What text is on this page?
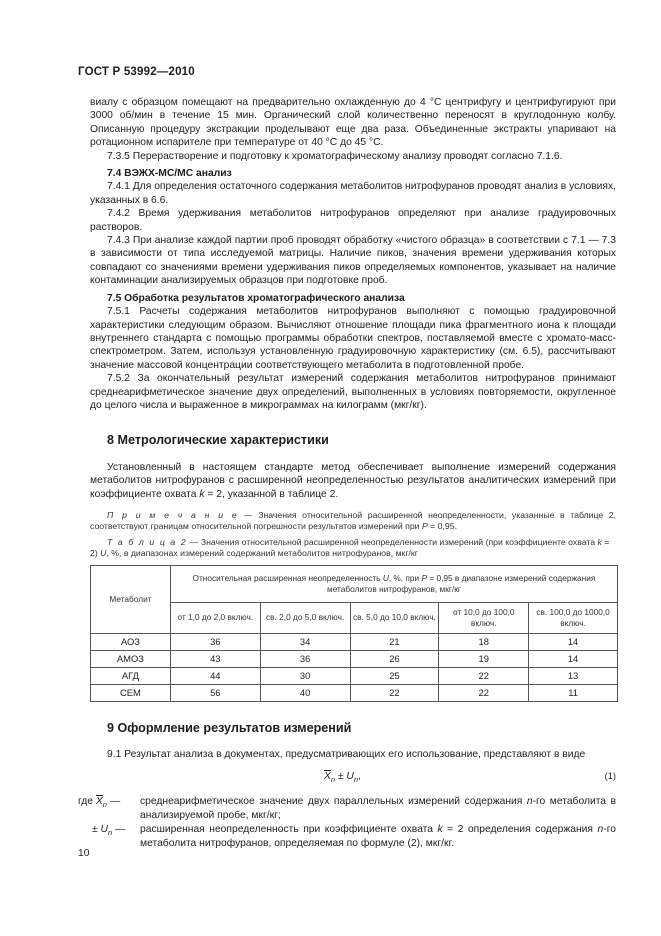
ГОСТ Р 53992—2010

виалу с образцом помещают на предварительно охлажденную до 4 °С центрифугу и центрифугируют при 3000 об/мин в течение 15 мин. Органический слой количественно переносят в круглодонную колбу. Описанную процедуру экстракции проделывают еще два раза. Объединенные экстракты упаривают на ротационном испарителе при температуре от 40 °С до 45 °С.

7.3.5 Перерастворение и подготовку к хроматографическому анализу проводят согласно 7.1.6.

7.4 ВЭЖХ-МС/МС анализ

7.4.1 Для определения остаточного содержания метаболитов нитрофуранов проводят анализ в условиях, указанных в 6.6.

7.4.2 Время удерживания метаболитов нитрофуранов определяют при анализе градуировочных растворов.

7.4.3 При анализе каждой партии проб проводят обработку «чистого образца» в соответствии с 7.1 — 7.3 в зависимости от типа исследуемой матрицы. Наличие пиков, значения времени удерживания которых совпадают со значениями времени удерживания пиков определяемых компонентов, указывает на наличие контаминации анализируемых образцов при подготовке проб.

7.5 Обработка результатов хроматографического анализа

7.5.1 Расчеты содержания метаболитов нитрофуранов выполняют с помощью градуировочной характеристики следующим образом. Вычисляют отношение площади пика фрагментного иона к площади внутреннего стандарта с помощью программы обработки спектров, поставляемой вместе с хромато-масс-спектрометром. Затем, используя установленную градуировочную характеристику (см. 6.5), рассчитывают значение массовой концентрации соответствующего метаболита в подготовленной пробе.

7.5.2 За окончательный результат измерений содержания метаболитов нитрофуранов принимают среднеарифметическое значение двух определений, выполненных в условиях повторяемости, округленное до целого числа и выраженное в микрограммах на килограмм (мкг/кг).

8 Метрологические характеристики

Установленный в настоящем стандарте метод обеспечивает выполнение измерений содержания метаболитов нитрофуранов с расширенной неопределенностью результатов аналитических измерений при коэффициенте охвата k = 2, указанной в таблице 2.

П р и м е ч а н и е — Значения относительной расширенной неопределенности, указанные в таблице 2, соответствуют границам относительной погрешности результатов измерений при P = 0,95.

Т а б л и ц а 2 — Значения относительной расширенной неопределенности измерений (при коэффициенте охвата k = 2) U, %, в диапазонах измерений содержаний метаболитов нитрофуранов, мкг/кг

Метаболит	Относительная расширенная неопределенность U, %, при P = 0,95 в диапазоне измерений содержания метаболитов нитрофуранов, мкг/кг				
	от 1,0 до 2,0 включ.	св. 2,0 до 5,0 включ.	св. 5,0 до 10,0 включ.	от 10,0 до 100,0 включ.	св. 100,0 до 1000,0 включ.
АОЗ	36	34	21	18	14
АМОЗ	43	36	26	19	14
АГД	44	30	25	22	13
СЕМ	56	40	22	22	11
9 Оформление результатов измерений

9.1 Результат анализа в документах, предусматривающих его использование, представляют в виде

$\overline{X}_n \pm U_n$,	(1)
где $\overline{X}_n$ —	среднеарифметическое значение двух параллельных измерений содержания n-го метаболита в анализируемой пробе, мкг/кг;
± $U_n$ —	расширенная неопределенность при коэффициенте охвата k = 2 определения содержания n-го метаболита нитрофуранов, определяемая по формуле (2), мкг/кг.
10
